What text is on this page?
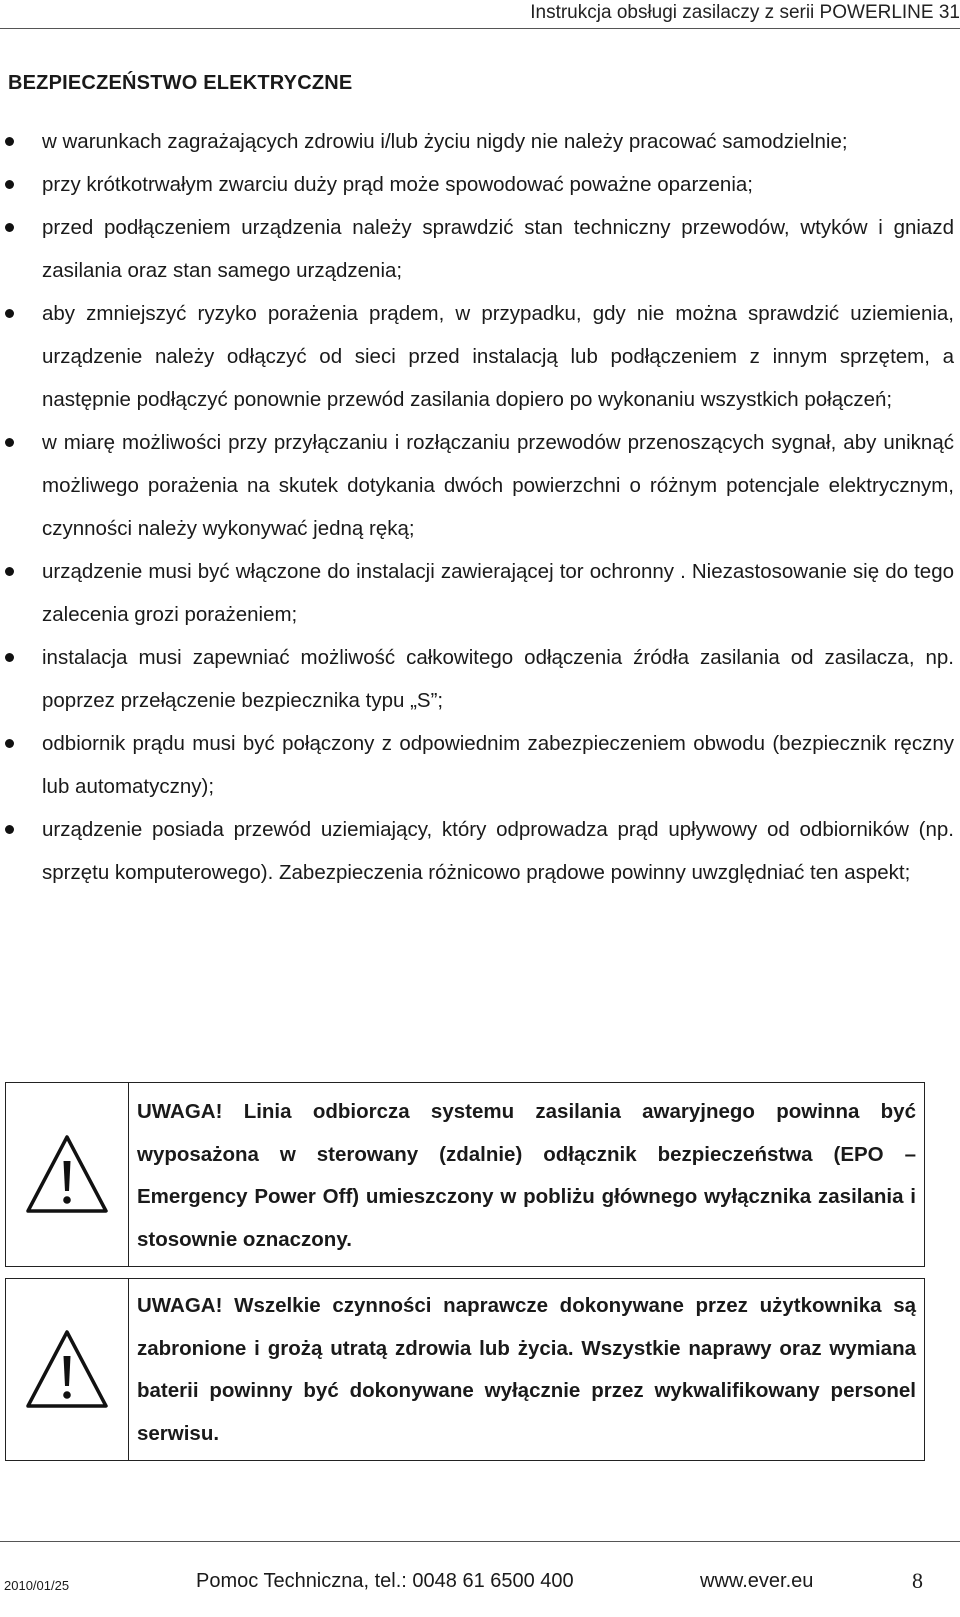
Instrukcja obsługi zasilaczy z serii POWERLINE 31
BEZPIECZEŃSTWO ELEKTRYCZNE
w warunkach zagrażających zdrowiu i/lub życiu nigdy nie należy pracować samodzielnie;
przy krótkotrwałym zwarciu duży prąd może spowodować poważne oparzenia;
przed podłączeniem urządzenia należy sprawdzić stan techniczny przewodów, wtyków i gniazd zasilania oraz stan samego urządzenia;
aby zmniejszyć ryzyko porażenia prądem, w przypadku, gdy nie można sprawdzić uziemienia, urządzenie należy odłączyć od sieci przed instalacją lub podłączeniem z innym sprzętem, a następnie podłączyć ponownie przewód zasilania dopiero po wykonaniu wszystkich połączeń;
w miarę możliwości przy przyłączaniu i rozłączaniu przewodów przenoszących sygnał, aby uniknąć możliwego porażenia na skutek dotykania dwóch powierzchni o różnym potencjale elektrycznym, czynności należy wykonywać jedną ręką;
urządzenie musi być włączone do instalacji zawierającej tor ochronny . Niezastosowanie się do tego zalecenia grozi porażeniem;
instalacja musi zapewniać możliwość całkowitego odłączenia źródła zasilania od zasilacza, np. poprzez przełączenie bezpiecznika typu „S”;
odbiornik prądu musi być połączony z odpowiednim zabezpieczeniem obwodu (bezpiecznik ręczny lub automatyczny);
urządzenie posiada przewód uziemiający, który odprowadza prąd upływowy od odbiorników (np. sprzętu komputerowego). Zabezpieczenia różnicowo prądowe powinny uwzględniać ten aspekt;
UWAGA! Linia odbiorcza systemu zasilania awaryjnego powinna być wyposażona w sterowany (zdalnie) odłącznik bezpieczeństwa (EPO – Emergency Power Off) umieszczony w pobliżu głównego wyłącznika zasilania i stosownie oznaczony.
UWAGA! Wszelkie czynności naprawcze dokonywane przez użytkownika są zabronione i grożą utratą zdrowia lub życia. Wszystkie naprawy oraz wymiana baterii powinny być dokonywane wyłącznie przez wykwalifikowany personel serwisu.
2010/01/25	Pomoc Techniczna, tel.: 0048 61 6500 400	www.ever.eu	8
